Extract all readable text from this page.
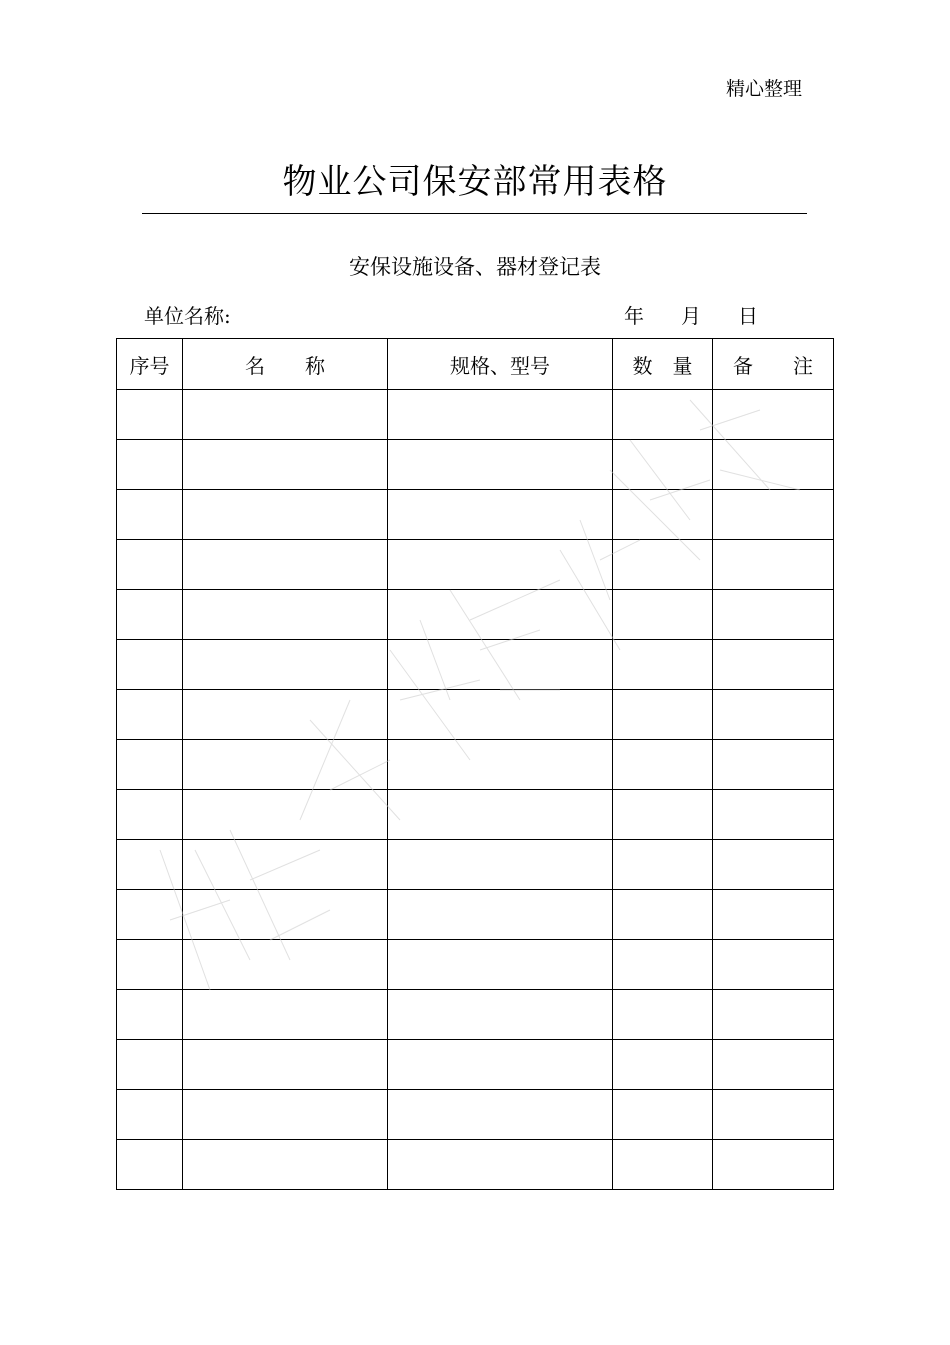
精心整理
物业公司保安部常用表格
安保设施设备、器材登记表
单位名称:	年 月 日
序号	名　　称	规格、型号	数　量	备　　注
